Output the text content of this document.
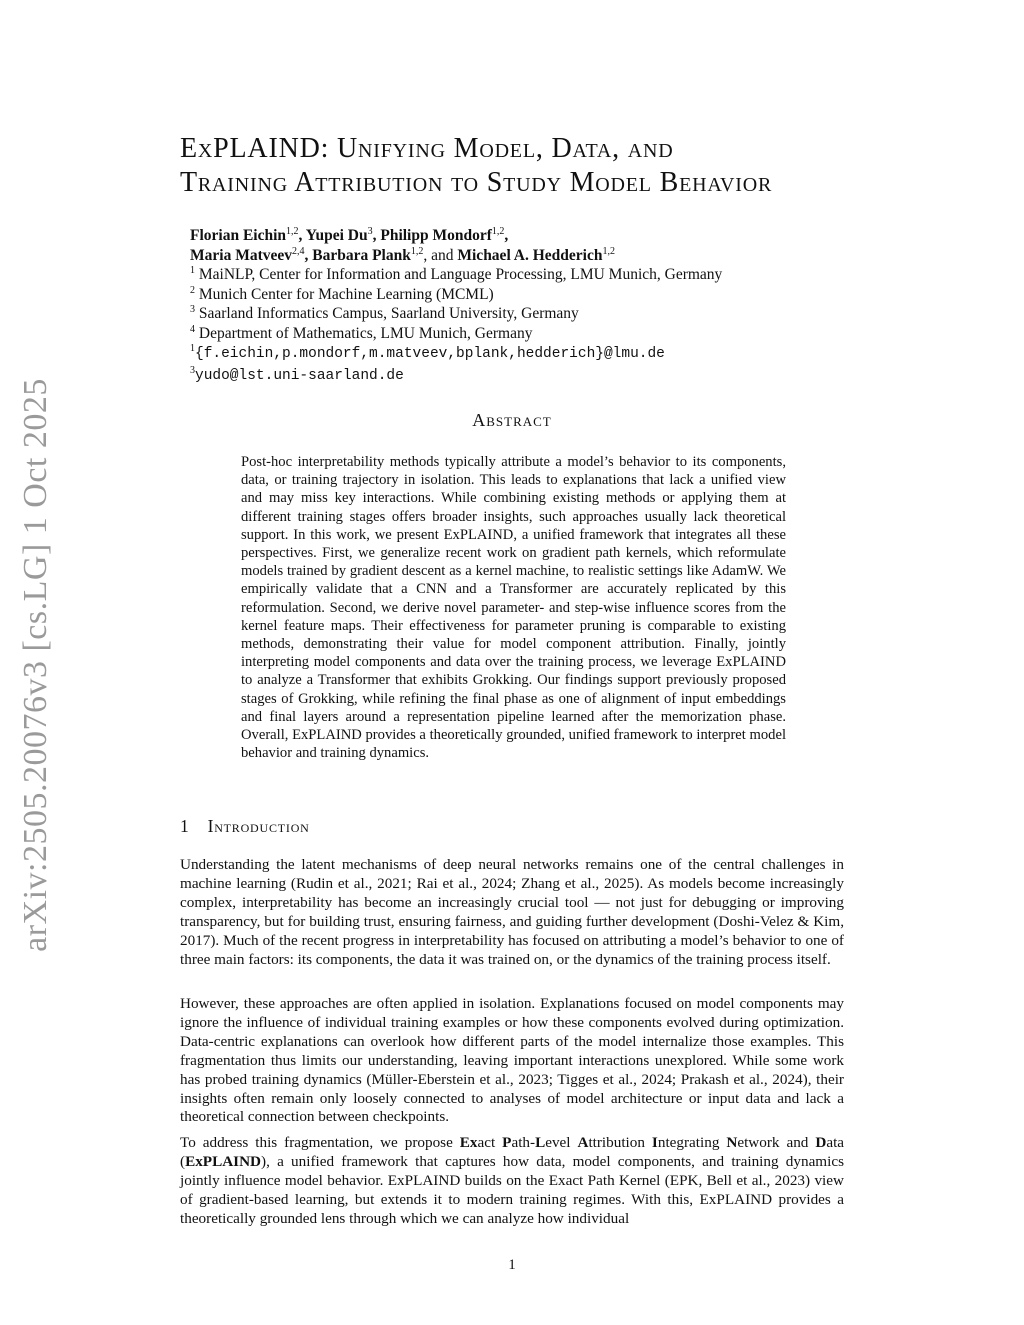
arXiv:2505.20076v3 [cs.LG] 1 Oct 2025
ExPLAIND: Unifying Model, Data, and
Training Attribution to Study Model Behavior
Florian Eichin$^{1,2}$, Yupei Du$^3$, Philipp Mondorf$^{1,2}$,
Maria Matveev$^{2,4}$, Barbara Plank$^{1,2}$, and Michael A. Hedderich$^{1,2}$
$^1$ MaiNLP, Center for Information and Language Processing, LMU Munich, Germany
$^2$ Munich Center for Machine Learning (MCML)
$^3$ Saarland Informatics Campus, Saarland University, Germany
$^4$ Department of Mathematics, LMU Munich, Germany
$^1${f.eichin,p.mondorf,m.matveev,bplank,hedderich}@lmu.de
$^3$yudo@lst.uni-saarland.de
Abstract
Post-hoc interpretability methods typically attribute a model’s behavior to its components, data, or training trajectory in isolation. This leads to explanations that lack a unified view and may miss key interactions. While combining existing methods or applying them at different training stages offers broader insights, such approaches usually lack theoretical support. In this work, we present ExPLAIND, a unified framework that integrates all these perspectives. First, we generalize recent work on gradient path kernels, which reformulate models trained by gradient descent as a kernel machine, to realistic settings like AdamW. We empirically validate that a CNN and a Transformer are accurately replicated by this reformulation. Second, we derive novel parameter- and step-wise influence scores from the kernel feature maps. Their effectiveness for parameter pruning is comparable to existing methods, demonstrating their value for model component attribution. Finally, jointly interpreting model components and data over the training process, we leverage ExPLAIND to analyze a Transformer that exhibits Grokking. Our findings support previously proposed stages of Grokking, while refining the final phase as one of alignment of input embeddings and final layers around a representation pipeline learned after the memorization phase. Overall, ExPLAIND provides a theoretically grounded, unified framework to interpret model behavior and training dynamics.
1 Introduction
Understanding the latent mechanisms of deep neural networks remains one of the central challenges in machine learning (Rudin et al., 2021; Rai et al., 2024; Zhang et al., 2025). As models become increasingly complex, interpretability has become an increasingly crucial tool — not just for debugging or improving transparency, but for building trust, ensuring fairness, and guiding further development (Doshi-Velez & Kim, 2017). Much of the recent progress in interpretability has focused on attributing a model’s behavior to one of three main factors: its components, the data it was trained on, or the dynamics of the training process itself.
However, these approaches are often applied in isolation. Explanations focused on model components may ignore the influence of individual training examples or how these components evolved during optimization. Data-centric explanations can overlook how different parts of the model internalize those examples. This fragmentation thus limits our understanding, leaving important interactions unexplored. While some work has probed training dynamics (Müller-Eberstein et al., 2023; Tigges et al., 2024; Prakash et al., 2024), their insights often remain only loosely connected to analyses of model architecture or input data and lack a theoretical connection between checkpoints.
To address this fragmentation, we propose Exact Path-Level Attribution Integrating Network and Data (ExPLAIND), a unified framework that captures how data, model components, and training dynamics jointly influence model behavior. ExPLAIND builds on the Exact Path Kernel (EPK, Bell et al., 2023) view of gradient-based learning, but extends it to modern training regimes. With this, ExPLAIND provides a theoretically grounded lens through which we can analyze how individual
1
